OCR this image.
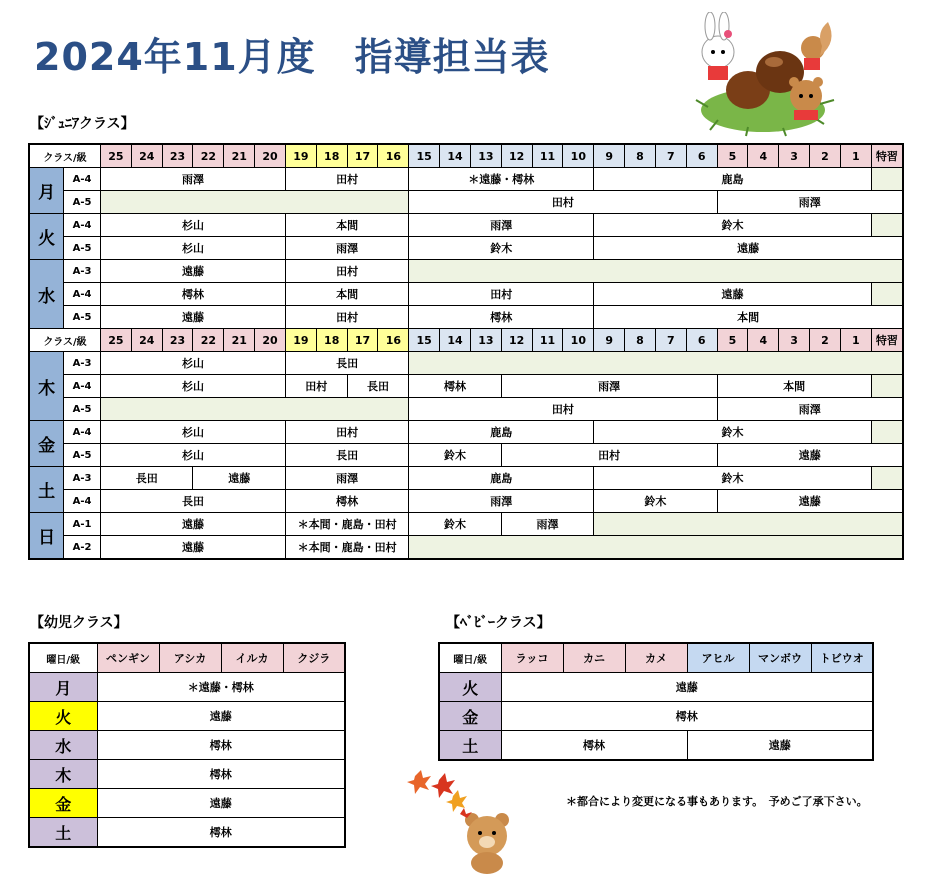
2024年11月度　指導担当表
【ｼﾞｭﾆｱクラス】
クラス/級		25	24	23	22	21	20	19	18	17	16	15	14	13	12	11	10	9	8	7	6	5	4	3	2	1	特習
月	A-4	雨澤						田村				＊遠藤・樗林						鹿島									
	A-5											田村										雨澤					
火	A-4	杉山						本間				雨澤						鈴木									
	A-5	杉山						雨澤				鈴木						遠藤									
水	A-3	遠藤						田村																			
	A-4	樗林						本間				田村						遠藤									
	A-5	遠藤						田村				樗林						本間									
クラス/級		25	24	23	22	21	20	19	18	17	16	15	14	13	12	11	10	9	8	7	6	5	4	3	2	1	特習
木	A-3	杉山						長田																			
	A-4	杉山						田村		長田		樗林			雨澤							本間					
	A-5											田村										雨澤					
金	A-4	杉山						田村				鹿島						鈴木									
	A-5	杉山						長田				鈴木			田村							遠藤					
土	A-3	長田			遠藤			雨澤				鹿島						鈴木									
	A-4	長田						樗林				雨澤						鈴木				遠藤					
日	A-1	遠藤						＊本間・鹿島・田村				鈴木			雨澤												
	A-2	遠藤						＊本間・鹿島・田村																			
【幼児クラス】
曜日/級	ペンギン	アシカ	イルカ	クジラ
月	＊遠藤・樗林			
火	遠藤			
水	樗林			
木	樗林			
金	遠藤			
土	樗林			
【ﾍﾞﾋﾞｰクラス】
曜日/級	ラッコ	カニ	カメ	アヒル	マンボウ	トビウオ
火	遠藤					
金	樗林					
土	樗林			遠藤		
＊都合により変更になる事もあります。　予めご了承下さい。
